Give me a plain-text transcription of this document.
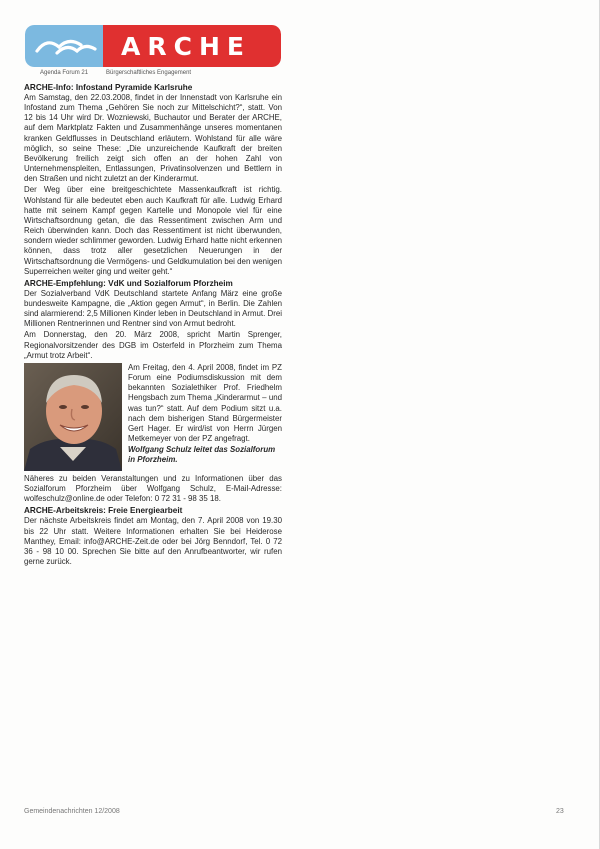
ARCHE
Agenda Forum 21	Bürgerschaftliches Engagement
ARCHE-Info: Infostand Pyramide Karlsruhe

Am Samstag, den 22.03.2008, findet in der Innenstadt von Karlsruhe ein Infostand zum Thema „Gehören Sie noch zur Mittelschicht?“, statt. Von 12 bis 14 Uhr wird Dr. Wozniewski, Buchautor und Berater der ARCHE, auf dem Marktplatz Fakten und Zusammenhänge unseres momentanen kranken Geldflusses in Deutschland erläutern. Wohlstand für alle wäre möglich, so seine These: „Die unzureichende Kaufkraft der breiten Bevölkerung freilich zeigt sich offen an der hohen Zahl von Unternehmenspleiten, Entlassungen, Privatinsolvenzen und Bettlern in den Straßen und nicht zuletzt an der Kinderarmut.

Der Weg über eine breitgeschichtete Massenkaufkraft ist richtig. Wohlstand für alle bedeutet eben auch Kaufkraft für alle. Ludwig Erhard hatte mit seinem Kampf gegen Kartelle und Monopole viel für eine Wirtschaftsordnung getan, die das Ressentiment zwischen Arm und Reich überwinden kann. Doch das Ressentiment ist nicht überwunden, sondern wieder schlimmer geworden. Ludwig Erhard hatte nicht erkennen können, dass trotz aller gesetzlichen Neuerungen in der Wirtschaftsordnung die Vermögens- und Geldkumulation bei den wenigen Superreichen weiter ging und weiter geht.“

ARCHE-Empfehlung: VdK und Sozialforum Pforzheim

Der Sozialverband VdK Deutschland startete Anfang März eine große bundesweite Kampagne, die „Aktion gegen Armut“, in Berlin. Die Zahlen sind alarmierend: 2,5 Millionen Kinder leben in Deutschland in Armut. Drei Millionen Rentnerinnen und Rentner sind von Armut bedroht.

Am Donnerstag, den 20. März 2008, spricht Martin Sprenger, Regionalvorsitzender des DGB im Osterfeld in Pforzheim zum Thema „Armut trotz Arbeit“.

Am Freitag, den 4. April 2008, findet im PZ Forum eine Podiumsdiskussion mit dem bekannten Sozialethiker Prof. Friedhelm Hengsbach zum Thema „Kinderarmut – und was tun?“ statt. Auf dem Podium sitzt u.a. nach dem bisherigen Stand Bürgermeister Gert Hager. Er wird/ist von Herrn Jürgen Metkemeyer von der PZ angefragt.

Wolfgang Schulz leitet das Sozialforum in Pforzheim.

Näheres zu beiden Veranstaltungen und zu Informationen über das Sozialforum Pforzheim über Wolfgang Schulz, E-Mail-Adresse: wolfeschulz@online.de oder Telefon: 0 72 31 - 98 35 18.

ARCHE-Arbeitskreis: Freie Energiearbeit

Der nächste Arbeitskreis findet am Montag, den 7. April 2008 von 19.30 bis 22 Uhr statt. Weitere Informationen erhalten Sie bei Heiderose Manthey, Email: info@ARCHE-Zeit.de oder bei Jörg Benndorf, Tel. 0 72 36 - 98 10 00. Sprechen Sie bitte auf den Anrufbeantworter, wir rufen gerne zurück.

Gemeindenachrichten 12/2008	23
